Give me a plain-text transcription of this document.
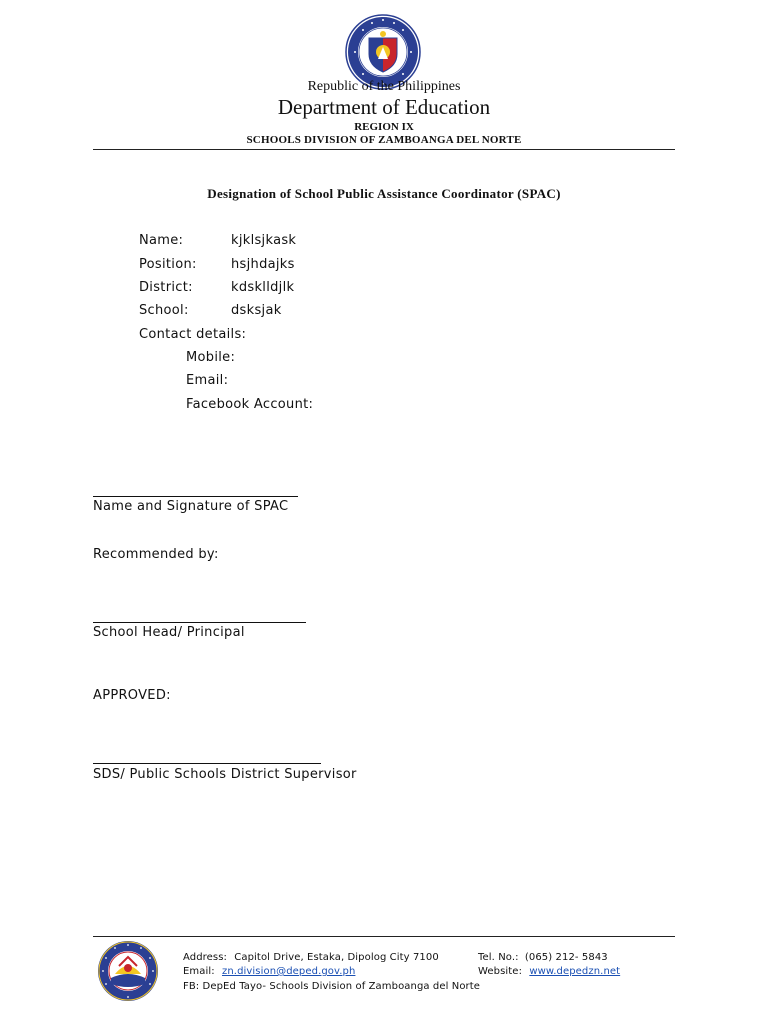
Republic of the Philippines
Department of Education
REGION IX
SCHOOLS DIVISION OF ZAMBOANGA DEL NORTE
Designation of School Public Assistance Coordinator (SPAC)
Name:	kjklsjkask
Position:	hsjhdajks
District:	kdsklldjlk
School:	dsksjak
Contact details:
Mobile:
Email:
Facebook Account:
Name and Signature of SPAC
Recommended by:
School Head/ Principal
APPROVED:
SDS/ Public Schools District Supervisor
Address: Capitol Drive, Estaka, Dipolog City 7100	Tel. No.: (065) 212- 5843
Email: zn.division@deped.gov.ph	Website: www.depedzn.net
FB: DepEd Tayo- Schools Division of Zamboanga del Norte
